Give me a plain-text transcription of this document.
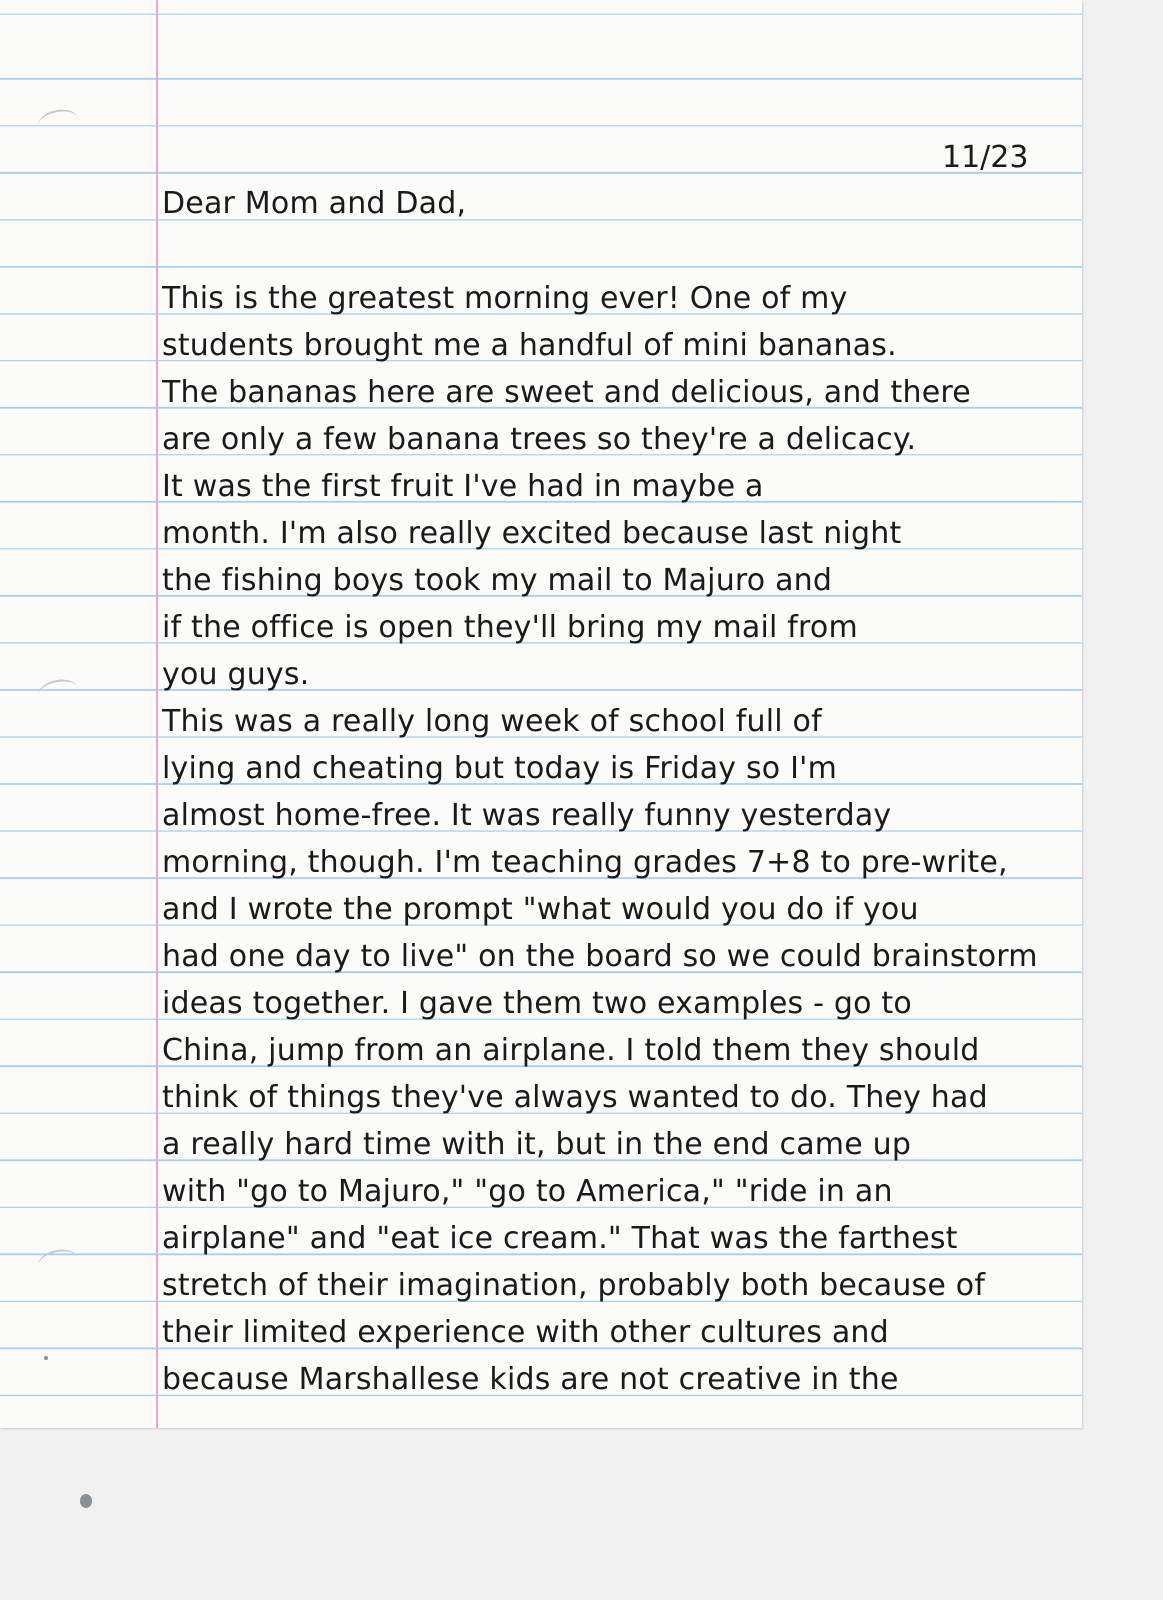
11/23
Dear Mom and Dad,
This is the greatest morning ever! One of my
students brought me a handful of mini bananas.
The bananas here are sweet and delicious, and there
are only a few banana trees so they're a delicacy.
It was the first fruit I've had in maybe a
month. I'm also really excited because last night
the fishing boys took my mail to Majuro and
if the office is open they'll bring my mail from
you guys.
This was a really long week of school full of
lying and cheating but today is Friday so I'm
almost home-free. It was really funny yesterday
morning, though. I'm teaching grades 7+8 to pre-write,
and I wrote the prompt "what would you do if you
had one day to live" on the board so we could brainstorm
ideas together. I gave them two examples - go to
China, jump from an airplane. I told them they should
think of things they've always wanted to do. They had
a really hard time with it, but in the end came up
with "go to Majuro," "go to America," "ride in an
airplane" and "eat ice cream." That was the farthest
stretch of their imagination, probably both because of
their limited experience with other cultures and
because Marshallese kids are not creative in the
